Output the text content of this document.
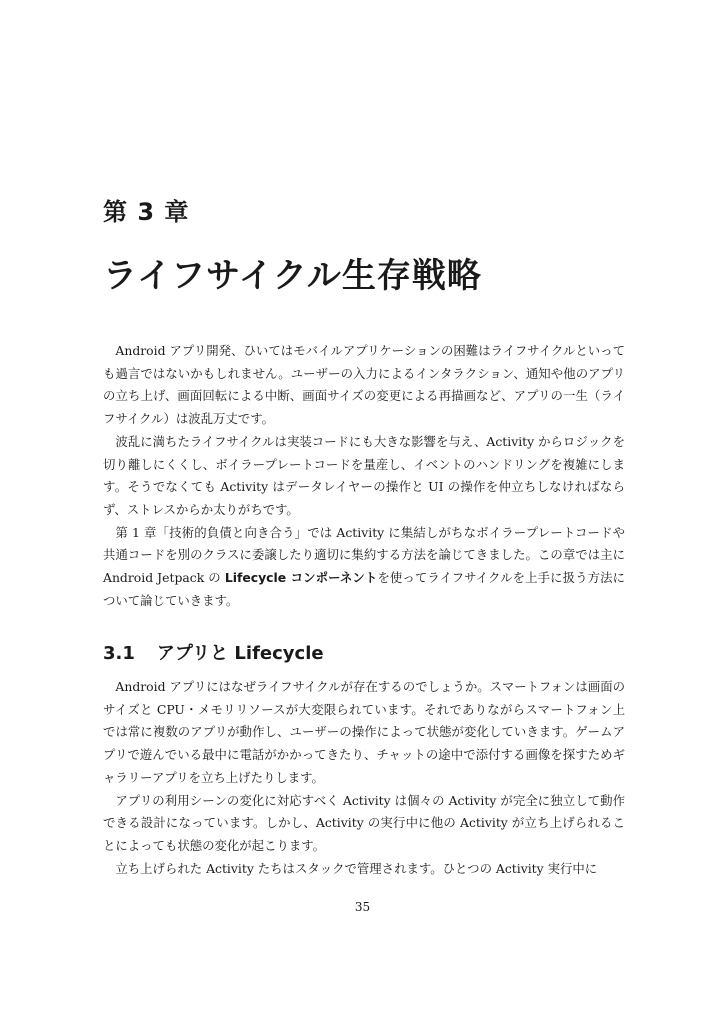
第 3 章
ライフサイクル生存戦略

Android アプリ開発、ひいてはモバイルアプリケーションの困難はライフサイクルといっても過言ではないかもしれません。ユーザーの入力によるインタラクション、通知や他のアプリの立ち上げ、画面回転による中断、画面サイズの変更による再描画など、アプリの一生（ライフサイクル）は波乱万丈です。

波乱に満ちたライフサイクルは実装コードにも大きな影響を与え、Activity からロジックを切り離しにくくし、ボイラープレートコードを量産し、イベントのハンドリングを複雑にします。そうでなくても Activity はデータレイヤーの操作と UI の操作を仲立ちしなければならず、ストレスからか太りがちです。

第 1 章「技術的負債と向き合う」では Activity に集結しがちなボイラープレートコードや共通コードを別のクラスに委譲したり適切に集約する方法を論じてきました。この章では主に Android Jetpack の Lifecycle コンポーネントを使ってライフサイクルを上手に扱う方法について論じていきます。

3.1 アプリと Lifecycle

Android アプリにはなぜライフサイクルが存在するのでしょうか。スマートフォンは画面のサイズと CPU・メモリリソースが大変限られています。それでありながらスマートフォン上では常に複数のアプリが動作し、ユーザーの操作によって状態が変化していきます。ゲームアプリで遊んでいる最中に電話がかかってきたり、チャットの途中で添付する画像を探すためギャラリーアプリを立ち上げたりします。

アプリの利用シーンの変化に対応すべく Activity は個々の Activity が完全に独立して動作できる設計になっています。しかし、Activity の実行中に他の Activity が立ち上げられることによっても状態の変化が起こります。

立ち上げられた Activity たちはスタックで管理されます。ひとつの Activity 実行中に

35
